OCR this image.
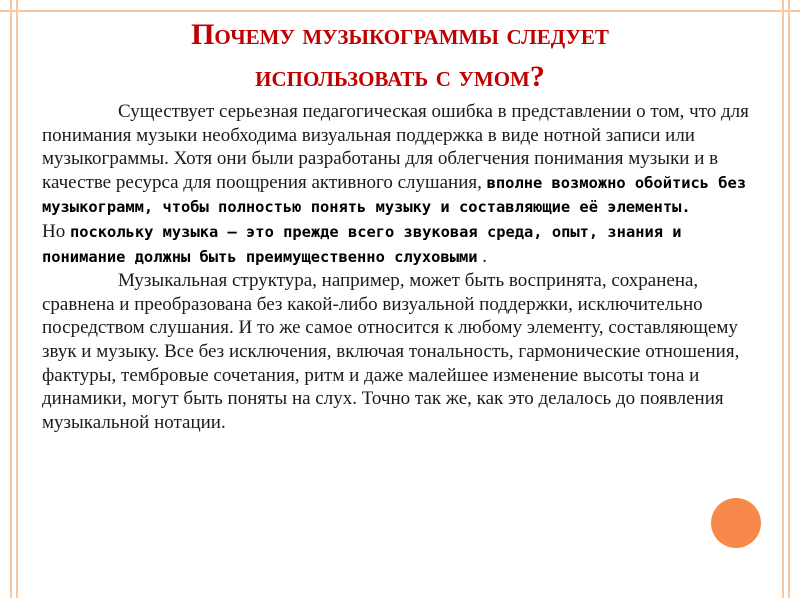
Почему музыкограммы следует
использовать с умом?
Существует серьезная педагогическая ошибка в представлении о том, что для понимания музыки необходима визуальная поддержка в виде нотной записи или музыкограммы. Хотя они были разработаны для облегчения понимания музыки и в качестве ресурса для поощрения активного слушания, вполне возможно обойтись без музыкограмм, чтобы полностью понять музыку и составляющие её элементы.
Но поскольку музыка — это прежде всего звуковая среда, опыт, знания и понимание должны быть преимущественно слуховыми .
Музыкальная структура, например, может быть воспринята, сохранена, сравнена и преобразована без какой-либо визуальной поддержки, исключительно посредством слушания. И то же самое относится к любому элементу, составляющему звук и музыку. Все без исключения, включая тональность, гармонические отношения, фактуры, тембровые сочетания, ритм и даже малейшее изменение высоты тона и динамики, могут быть поняты на слух. Точно так же, как это делалось до появления музыкальной нотации.
